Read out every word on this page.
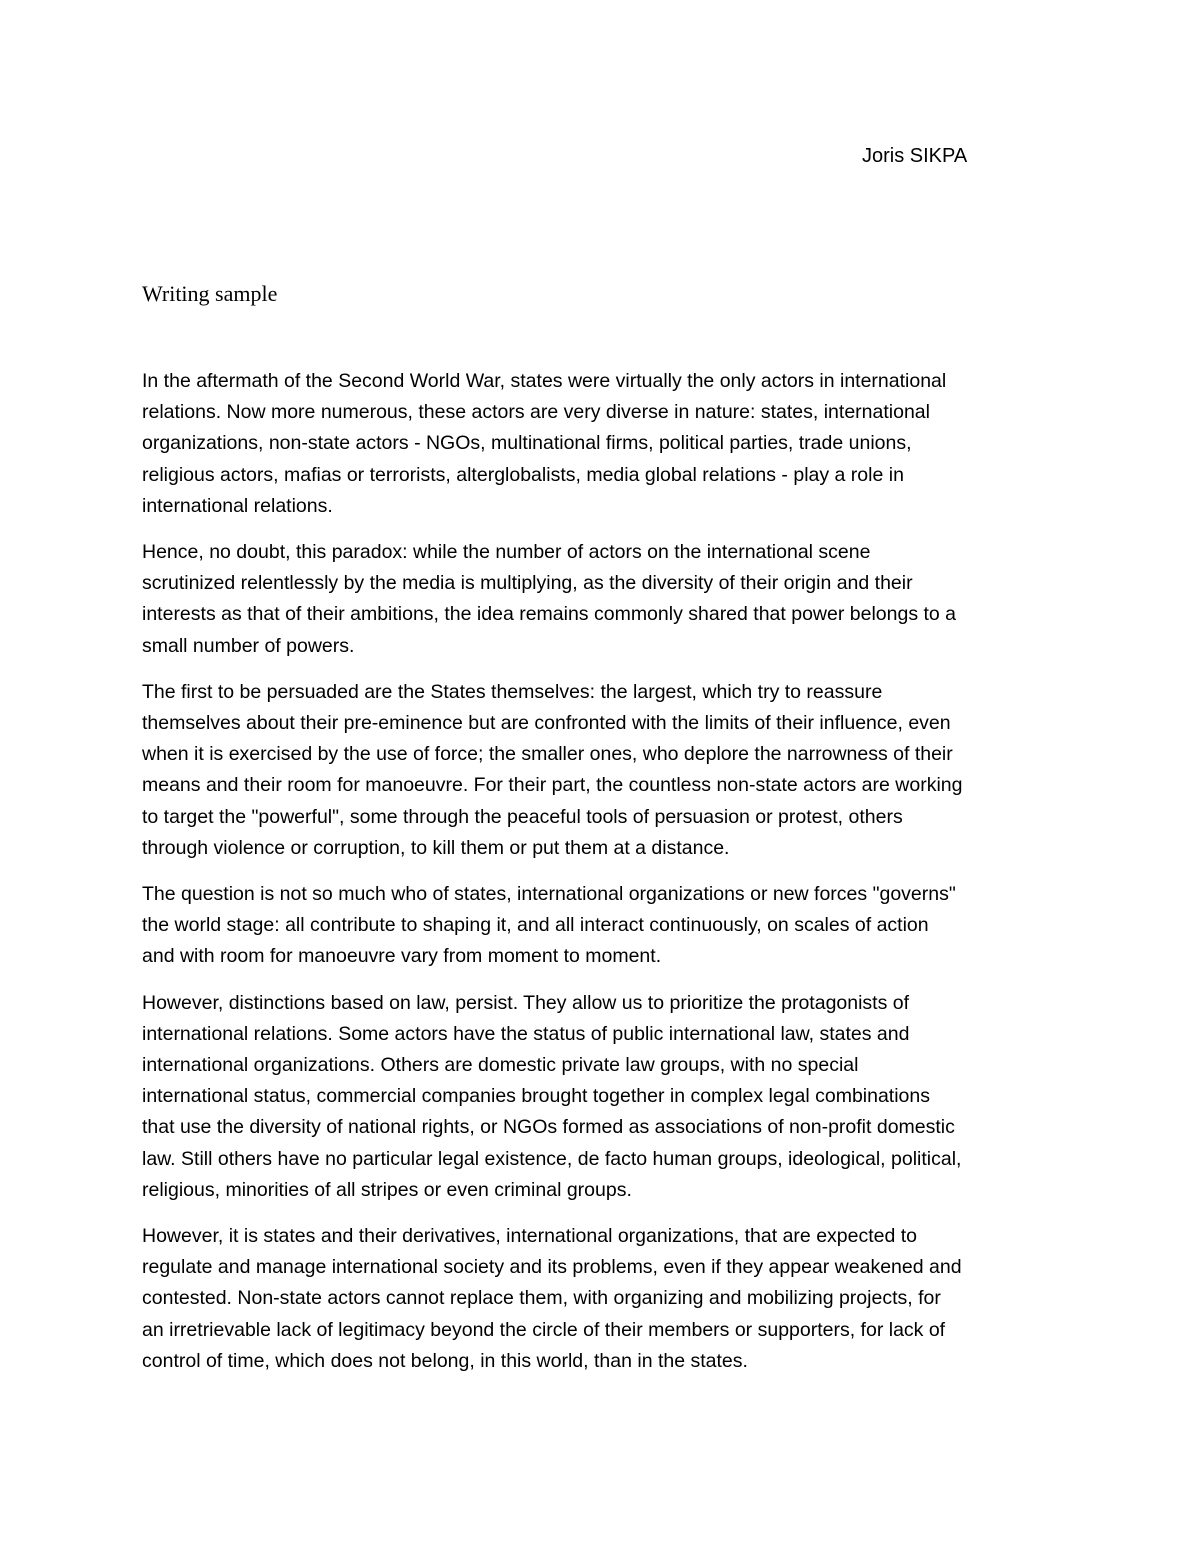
Joris SIKPA
Writing sample

In the aftermath of the Second World War, states were virtually the only actors in international
relations. Now more numerous, these actors are very diverse in nature: states, international
organizations, non-state actors - NGOs, multinational firms, political parties, trade unions,
religious actors, mafias or terrorists, alterglobalists, media global relations - play a role in
international relations.

Hence, no doubt, this paradox: while the number of actors on the international scene
scrutinized relentlessly by the media is multiplying, as the diversity of their origin and their
interests as that of their ambitions, the idea remains commonly shared that power belongs to a
small number of powers.

The first to be persuaded are the States themselves: the largest, which try to reassure
themselves about their pre-eminence but are confronted with the limits of their influence, even
when it is exercised by the use of force; the smaller ones, who deplore the narrowness of their
means and their room for manoeuvre. For their part, the countless non-state actors are working
to target the "powerful", some through the peaceful tools of persuasion or protest, others
through violence or corruption, to kill them or put them at a distance.

The question is not so much who of states, international organizations or new forces "governs"
the world stage: all contribute to shaping it, and all interact continuously, on scales of action
and with room for manoeuvre vary from moment to moment.

However, distinctions based on law, persist. They allow us to prioritize the protagonists of
international relations. Some actors have the status of public international law, states and
international organizations. Others are domestic private law groups, with no special
international status, commercial companies brought together in complex legal combinations
that use the diversity of national rights, or NGOs formed as associations of non-profit domestic
law. Still others have no particular legal existence, de facto human groups, ideological, political,
religious, minorities of all stripes or even criminal groups.

However, it is states and their derivatives, international organizations, that are expected to
regulate and manage international society and its problems, even if they appear weakened and
contested. Non-state actors cannot replace them, with organizing and mobilizing projects, for
an irretrievable lack of legitimacy beyond the circle of their members or supporters, for lack of
control of time, which does not belong, in this world, than in the states.
